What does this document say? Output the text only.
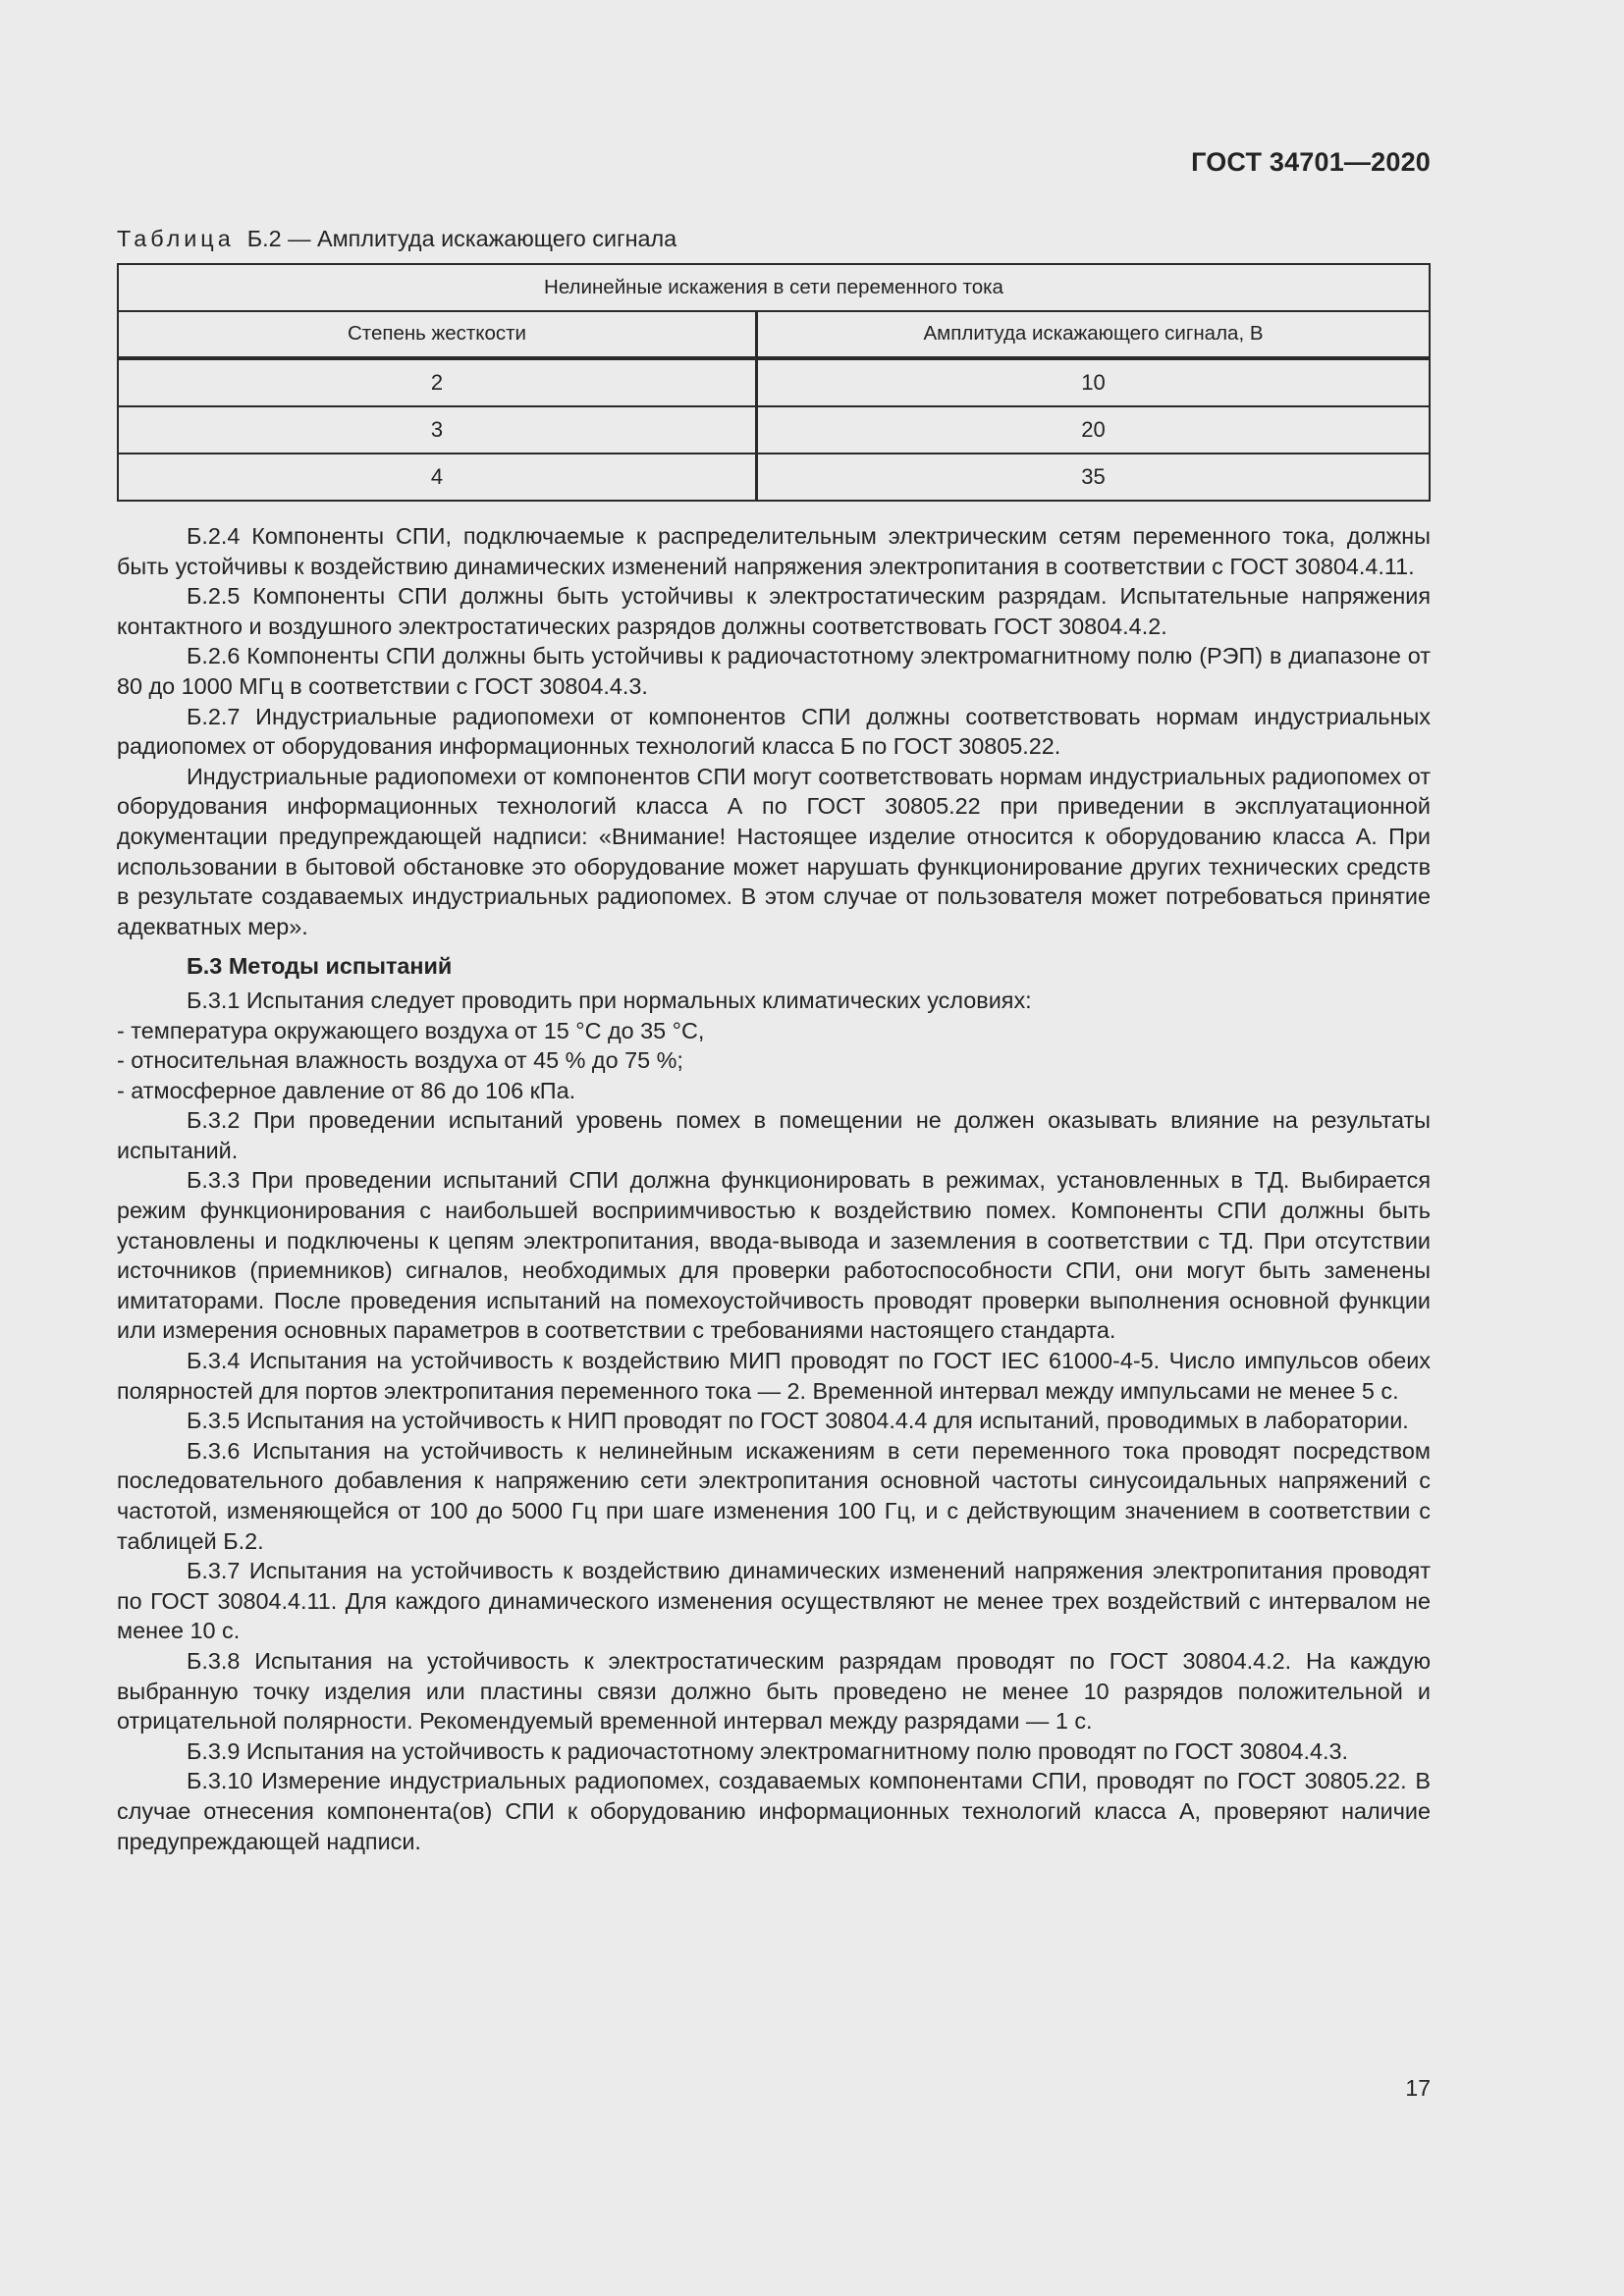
ГОСТ 34701—2020

Таблица Б.2 — Амплитуда искажающего сигнала

Нелинейные искажения в сети переменного тока	
Степень жесткости	Амплитуда искажающего сигнала, В
2	10
3	20
4	35

Б.2.4 Компоненты СПИ, подключаемые к распределительным электрическим сетям переменного тока, должны быть устойчивы к воздействию динамических изменений напряжения электропитания в соответствии с ГОСТ 30804.4.11.

Б.2.5 Компоненты СПИ должны быть устойчивы к электростатическим разрядам. Испытательные напряжения контактного и воздушного электростатических разрядов должны соответствовать ГОСТ 30804.4.2.

Б.2.6 Компоненты СПИ должны быть устойчивы к радиочастотному электромагнитному полю (РЭП) в диапазоне от 80 до 1000 МГц в соответствии с ГОСТ 30804.4.3.

Б.2.7 Индустриальные радиопомехи от компонентов СПИ должны соответствовать нормам индустриальных радиопомех от оборудования информационных технологий класса Б по ГОСТ 30805.22.

Индустриальные радиопомехи от компонентов СПИ могут соответствовать нормам индустриальных радиопомех от оборудования информационных технологий класса А по ГОСТ 30805.22 при приведении в эксплуатационной документации предупреждающей надписи: «Внимание! Настоящее изделие относится к оборудованию класса А. При использовании в бытовой обстановке это оборудование может нарушать функционирование других технических средств в результате создаваемых индустриальных радиопомех. В этом случае от пользователя может потребоваться принятие адекватных мер».

Б.3 Методы испытаний

Б.3.1 Испытания следует проводить при нормальных климатических условиях:

- температура окружающего воздуха от 15 °С до 35 °С,
- относительная влажность воздуха от 45 % до 75 %;
- атмосферное давление от 86 до 106 кПа.

Б.3.2 При проведении испытаний уровень помех в помещении не должен оказывать влияние на результаты испытаний.

Б.3.3 При проведении испытаний СПИ должна функционировать в режимах, установленных в ТД. Выбирается режим функционирования с наибольшей восприимчивостью к воздействию помех. Компоненты СПИ должны быть установлены и подключены к цепям электропитания, ввода-вывода и заземления в соответствии с ТД. При отсутствии источников (приемников) сигналов, необходимых для проверки работоспособности СПИ, они могут быть заменены имитаторами. После проведения испытаний на помехоустойчивость проводят проверки выполнения основной функции или измерения основных параметров в соответствии с требованиями настоящего стандарта.

Б.3.4 Испытания на устойчивость к воздействию МИП проводят по ГОСТ IEC 61000-4-5. Число импульсов обеих полярностей для портов электропитания переменного тока — 2. Временной интервал между импульсами не менее 5 с.

Б.3.5 Испытания на устойчивость к НИП проводят по ГОСТ 30804.4.4 для испытаний, проводимых в лаборатории.

Б.3.6 Испытания на устойчивость к нелинейным искажениям в сети переменного тока проводят посредством последовательного добавления к напряжению сети электропитания основной частоты синусоидальных напряжений с частотой, изменяющейся от 100 до 5000 Гц при шаге изменения 100 Гц, и с действующим значением в соответствии с таблицей Б.2.

Б.3.7 Испытания на устойчивость к воздействию динамических изменений напряжения электропитания проводят по ГОСТ 30804.4.11. Для каждого динамического изменения осуществляют не менее трех воздействий с интервалом не менее 10 с.

Б.3.8 Испытания на устойчивость к электростатическим разрядам проводят по ГОСТ 30804.4.2. На каждую выбранную точку изделия или пластины связи должно быть проведено не менее 10 разрядов положительной и отрицательной полярности. Рекомендуемый временной интервал между разрядами — 1 с.

Б.3.9 Испытания на устойчивость к радиочастотному электромагнитному полю проводят по ГОСТ 30804.4.3.

Б.3.10 Измерение индустриальных радиопомех, создаваемых компонентами СПИ, проводят по ГОСТ 30805.22. В случае отнесения компонента(ов) СПИ к оборудованию информационных технологий класса А, проверяют наличие предупреждающей надписи.

17
